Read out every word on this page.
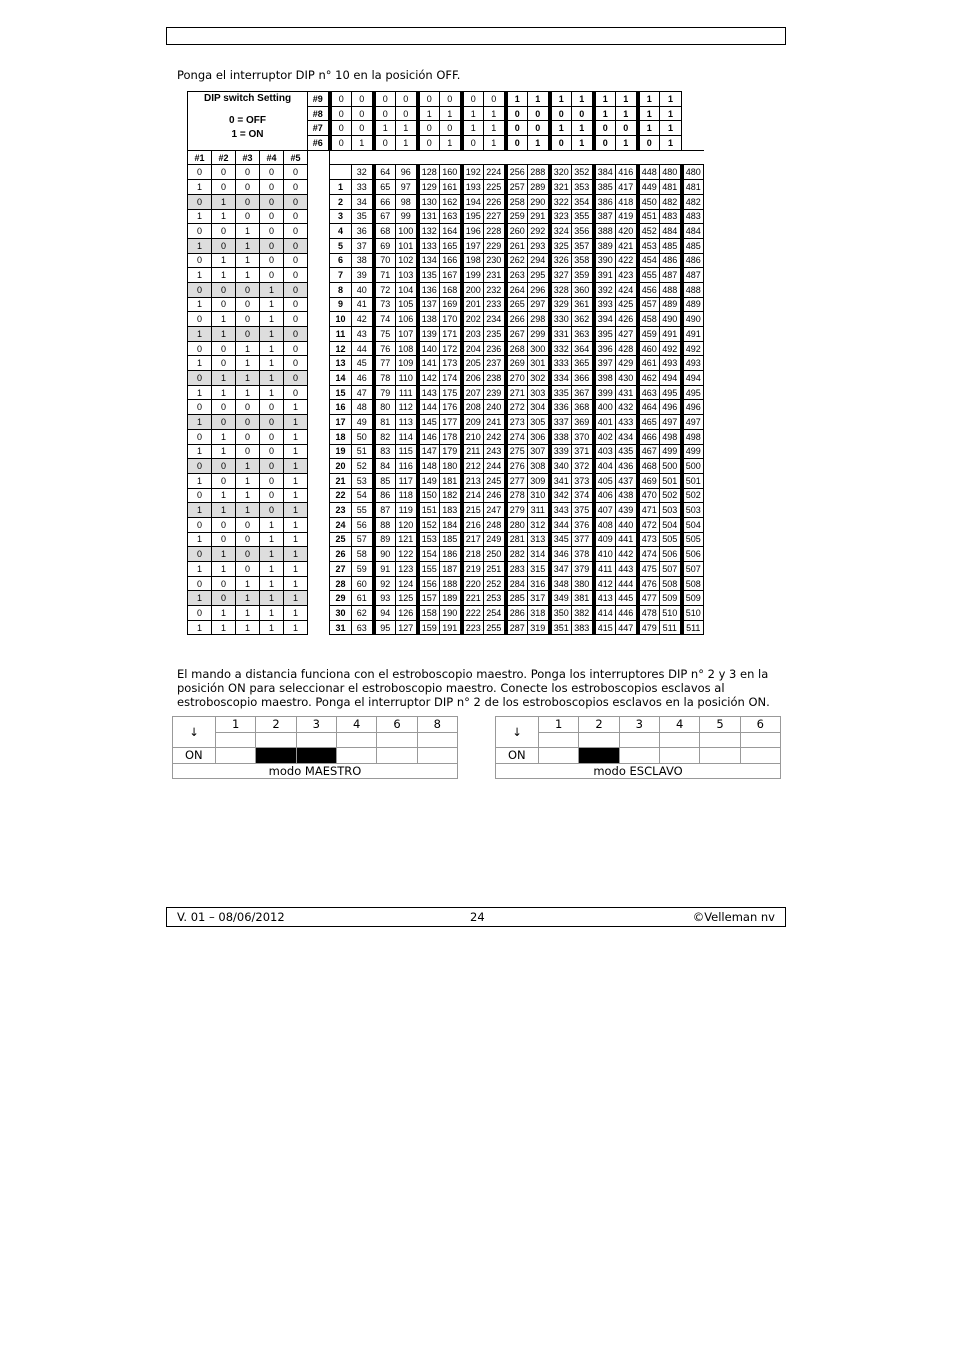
Ponga el interruptor DIP n° 10 en la posición OFF.
DIP switch Setting
0 = OFF
1 = ON					#9	0	0	0	0	0	0	0	0	1	1	1	1	1	1	1	1	
					#8	0	0	0	0	1	1	1	1	0	0	0	0	1	1	1	1	
					#7	0	0	1	1	0	0	1	1	0	0	1	1	0	0	1	1	
					#6	0	1	0	1	0	1	0	1	0	1	0	1	0	1	0	1	
#1	#2	#3	#4	#5																		
0	0	0	0	0			32	64	96	128	160	192	224	256	288	320	352	384	416	448	480	480
1	0	0	0	0		1	33	65	97	129	161	193	225	257	289	321	353	385	417	449	481	481
0	1	0	0	0		2	34	66	98	130	162	194	226	258	290	322	354	386	418	450	482	482
1	1	0	0	0		3	35	67	99	131	163	195	227	259	291	323	355	387	419	451	483	483
0	0	1	0	0		4	36	68	100	132	164	196	228	260	292	324	356	388	420	452	484	484
1	0	1	0	0		5	37	69	101	133	165	197	229	261	293	325	357	389	421	453	485	485
0	1	1	0	0		6	38	70	102	134	166	198	230	262	294	326	358	390	422	454	486	486
1	1	1	0	0		7	39	71	103	135	167	199	231	263	295	327	359	391	423	455	487	487
0	0	0	1	0		8	40	72	104	136	168	200	232	264	296	328	360	392	424	456	488	488
1	0	0	1	0		9	41	73	105	137	169	201	233	265	297	329	361	393	425	457	489	489
0	1	0	1	0		10	42	74	106	138	170	202	234	266	298	330	362	394	426	458	490	490
1	1	0	1	0		11	43	75	107	139	171	203	235	267	299	331	363	395	427	459	491	491
0	0	1	1	0		12	44	76	108	140	172	204	236	268	300	332	364	396	428	460	492	492
1	0	1	1	0		13	45	77	109	141	173	205	237	269	301	333	365	397	429	461	493	493
0	1	1	1	0		14	46	78	110	142	174	206	238	270	302	334	366	398	430	462	494	494
1	1	1	1	0		15	47	79	111	143	175	207	239	271	303	335	367	399	431	463	495	495
0	0	0	0	1		16	48	80	112	144	176	208	240	272	304	336	368	400	432	464	496	496
1	0	0	0	1		17	49	81	113	145	177	209	241	273	305	337	369	401	433	465	497	497
0	1	0	0	1		18	50	82	114	146	178	210	242	274	306	338	370	402	434	466	498	498
1	1	0	0	1		19	51	83	115	147	179	211	243	275	307	339	371	403	435	467	499	499
0	0	1	0	1		20	52	84	116	148	180	212	244	276	308	340	372	404	436	468	500	500
1	0	1	0	1		21	53	85	117	149	181	213	245	277	309	341	373	405	437	469	501	501
0	1	1	0	1		22	54	86	118	150	182	214	246	278	310	342	374	406	438	470	502	502
1	1	1	0	1		23	55	87	119	151	183	215	247	279	311	343	375	407	439	471	503	503
0	0	0	1	1		24	56	88	120	152	184	216	248	280	312	344	376	408	440	472	504	504
1	0	0	1	1		25	57	89	121	153	185	217	249	281	313	345	377	409	441	473	505	505
0	1	0	1	1		26	58	90	122	154	186	218	250	282	314	346	378	410	442	474	506	506
1	1	0	1	1		27	59	91	123	155	187	219	251	283	315	347	379	411	443	475	507	507
0	0	1	1	1		28	60	92	124	156	188	220	252	284	316	348	380	412	444	476	508	508
1	0	1	1	1		29	61	93	125	157	189	221	253	285	317	349	381	413	445	477	509	509
0	1	1	1	1		30	62	94	126	158	190	222	254	286	318	350	382	414	446	478	510	510
1	1	1	1	1		31	63	95	127	159	191	223	255	287	319	351	383	415	447	479	511	511
El mando a distancia funciona con el estroboscopio maestro. Ponga los interruptores DIP n° 2 y 3 en la posición ON para seleccionar el estroboscopio maestro. Conecte los estroboscopios esclavos al estroboscopio maestro. Ponga el interruptor DIP n° 2 de los estroboscopios esclavos en la posición ON.
↓	1	2	3	4	6	8

ON						
modo MAESTRO						
↓	1	2	3	4	5	6

ON						
modo ESCLAVO						
V. 01 – 08/06/2012	24	©Velleman nv
